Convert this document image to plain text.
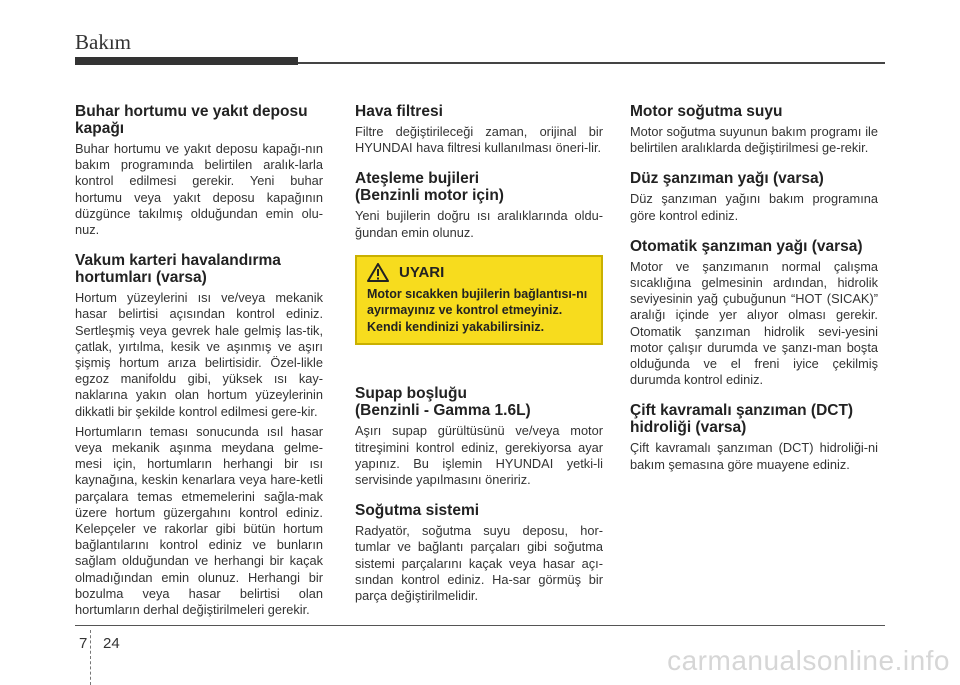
Bakım
Buhar hortumu ve yakıt deposu kapağı

Buhar hortumu ve yakıt deposu kapağı-nın bakım programında belirtilen aralık-larla kontrol edilmesi gerekir. Yeni buhar hortumu veya yakıt deposu kapağının düzgünce takılmış olduğundan emin olu-nuz.

Vakum karteri havalandırma hortumları (varsa)

Hortum yüzeylerini ısı ve/veya mekanik hasar belirtisi açısından kontrol ediniz. Sertleşmiş veya gevrek hale gelmiş las-tik, çatlak, yırtılma, kesik ve aşınmış ve aşırı şişmiş hortum arıza belirtisidir. Özel-likle egzoz manifoldu gibi, yüksek ısı kay-naklarına yakın olan hortum yüzeylerinin dikkatli bir şekilde kontrol edilmesi gere-kir.

Hortumların teması sonucunda ısıl hasar veya mekanik aşınma meydana gelme-mesi için, hortumların herhangi bir ısı kaynağına, keskin kenarlara veya hare-ketli parçalara temas etmemelerini sağla-mak üzere hortum güzergahını kontrol ediniz. Kelepçeler ve rakorlar gibi bütün hortum bağlantılarını kontrol ediniz ve bunların sağlam olduğundan ve herhangi bir kaçak olmadığından emin olunuz. Herhangi bir bozulma veya hasar belirtisi olan hortumların derhal değiştirilmeleri gerekir.

Hava filtresi

Filtre değiştirileceği zaman, orijinal bir HYUNDAI hava filtresi kullanılması öneri-lir.

Ateşleme bujileri
(Benzinli motor için)

Yeni bujilerin doğru ısı aralıklarında oldu-ğundan emin olunuz.

UYARI
Motor sıcakken bujilerin bağlantısı-nı ayırmayınız ve kontrol etmeyiniz. Kendi kendinizi yakabilirsiniz.
Supap boşluğu
(Benzinli - Gamma 1.6L)

Aşırı supap gürültüsünü ve/veya motor titreşimini kontrol ediniz, gerekiyorsa ayar yapınız. Bu işlemin HYUNDAI yetki-li servisinde yapılmasını öneririz.

Soğutma sistemi

Radyatör, soğutma suyu deposu, hor-tumlar ve bağlantı parçaları gibi soğutma sistemi parçalarını kaçak veya hasar açı-sından kontrol ediniz. Ha-sar görmüş bir parça değiştirilmelidir.

Motor soğutma suyu

Motor soğutma suyunun bakım programı ile belirtilen aralıklarda değiştirilmesi ge-rekir.

Düz şanzıman yağı (varsa)

Düz şanzıman yağını bakım programına göre kontrol ediniz.

Otomatik şanzıman yağı (varsa)

Motor ve şanzımanın normal çalışma sıcaklığına gelmesinin ardından, hidrolik seviyesinin yağ çubuğunun “HOT (SICAK)” aralığı içinde yer alıyor olması gerekir. Otomatik şanzıman hidrolik sevi-yesini motor çalışır durumda ve şanzı-man boşta olduğunda ve el freni iyice çekilmiş durumda kontrol ediniz.

Çift kavramalı şanzıman (DCT)
hidroliği (varsa)

Çift kavramalı şanzıman (DCT) hidroliği-ni bakım şemasına göre muayene ediniz.

7 24
carmanualsonline.info
